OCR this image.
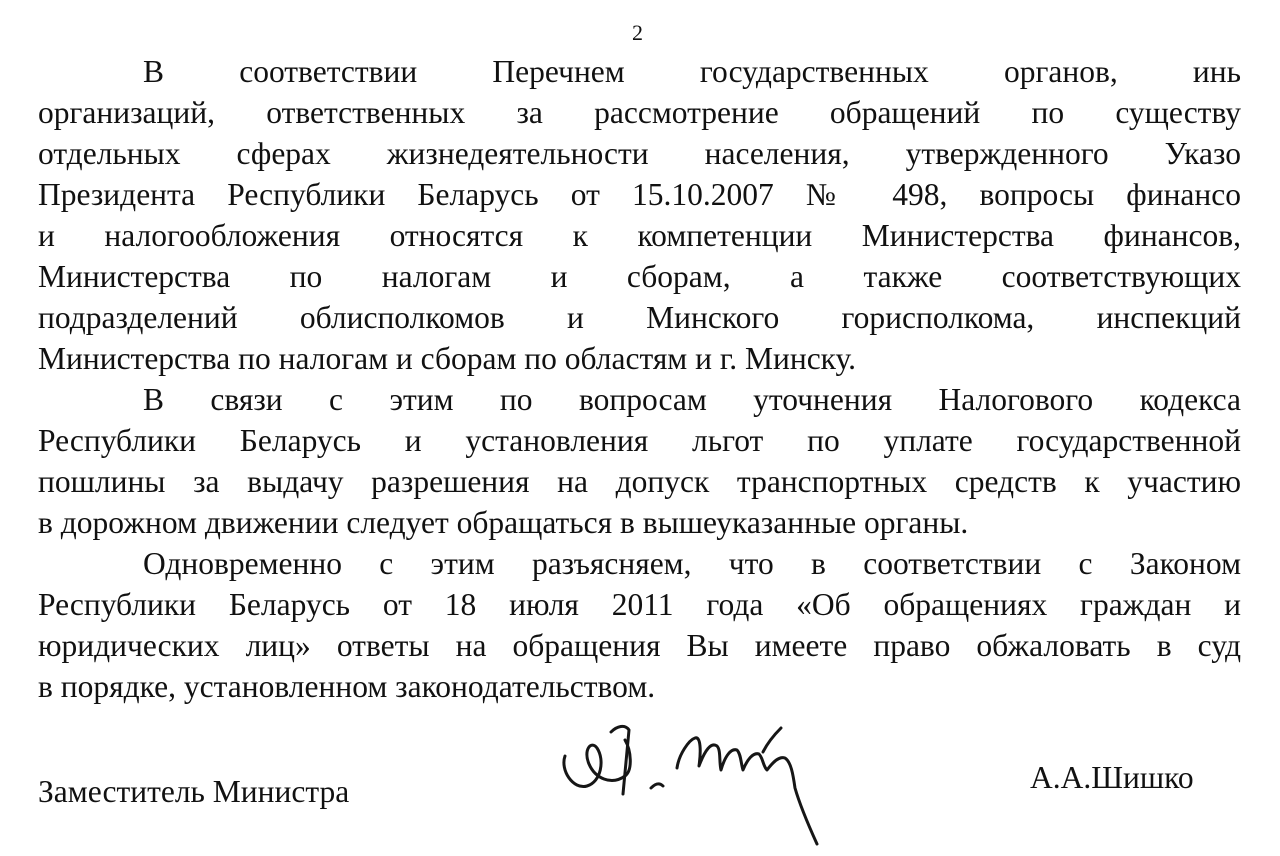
2
В соответствии Перечнем государственных органов, инь
организаций, ответственных за рассмотрение обращений по существу
отдельных сферах жизнедеятельности населения, утвержденного Указо
Президента Республики Беларусь от 15.10.2007 № 498, вопросы финансо
и налогообложения относятся к компетенции Министерства финансов,
Министерства по налогам и сборам, а также соответствующих
подразделений облисполкомов и Минского горисполкома, инспекций
Министерства по налогам и сборам по областям и г. Минску.
В связи с этим по вопросам уточнения Налогового кодекса
Республики Беларусь и установления льгот по уплате государственной
пошлины за выдачу разрешения на допуск транспортных средств к участию
в дорожном движении следует обращаться в вышеуказанные органы.
Одновременно с этим разъясняем, что в соответствии с Законом
Республики Беларусь от 18 июля 2011 года «Об обращениях граждан и
юридических лиц» ответы на обращения Вы имеете право обжаловать в суд
в порядке, установленном законодательством.
Заместитель Министра	А.А.Шишко
